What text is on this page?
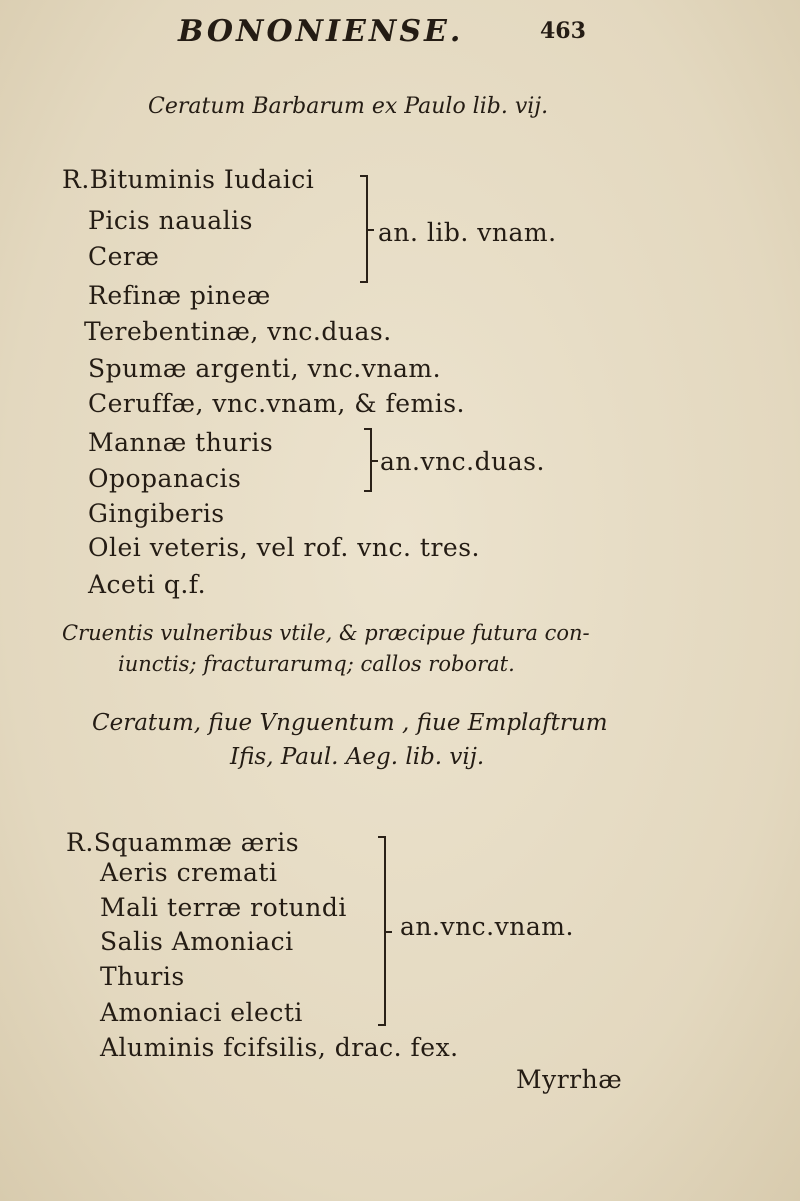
BONONIENSE.	463
Ceratum Barbarum ex Paulo lib. vij.
R.Bituminis Iudaici
Picis naualis
Ceræ
Refinæ pineæ
an. lib. vnam.
Terebentinæ, vnc.duas.
Spumæ argenti, vnc.vnam.
Ceruffæ, vnc.vnam, & femis.
Mannæ thuris
Opopanacis
Gingiberis
an.vnc.duas.
Olei veteris, vel rof. vnc. tres.
Aceti q.f.
Cruentis vulneribus vtile, & præcipue futura con-
iunctis; fracturarumq; callos roborat.
Ceratum, fiue Vnguentum , fiue Emplaftrum
Ifis, Paul. Aeg. lib. vij.
R.Squammæ æris
Aeris cremati
Mali terræ rotundi
Salis Amoniaci
Thuris
Amoniaci electi
an.vnc.vnam.
Aluminis fcifsilis, drac. fex.
Myrrhæ
